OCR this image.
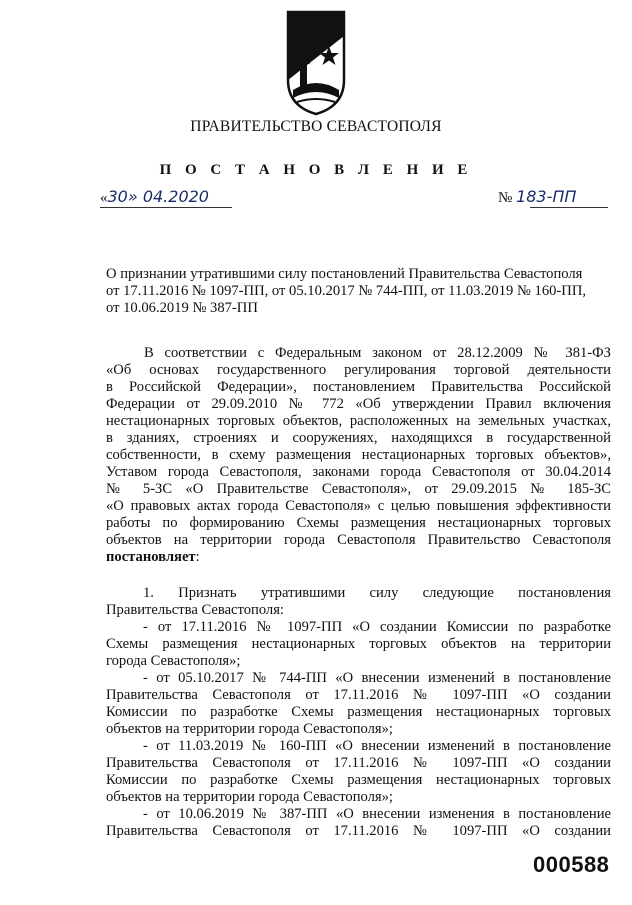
ПРАВИТЕЛЬСТВО СЕВАСТОПОЛЯ
П О С Т А Н О В Л Е Н И Е
«30» 04.2020	№ 183-ПП
О признании утратившими силу постановлений Правительства Севастополя
от 17.11.2016 № 1097-ПП, от 05.10.2017 № 744-ПП, от 11.03.2019 № 160-ПП,
от 10.06.2019 № 387-ПП
В соответствии с Федеральным законом от 28.12.2009 № 381-ФЗ
«Об основах государственного регулирования торговой деятельности
в Российской Федерации», постановлением Правительства Российской
Федерации от 29.09.2010 № 772 «Об утверждении Правил включения
нестационарных торговых объектов, расположенных на земельных участках,
в зданиях, строениях и сооружениях, находящихся в государственной
собственности, в схему размещения нестационарных торговых объектов»,
Уставом города Севастополя, законами города Севастополя от 30.04.2014
№ 5-ЗС «О Правительстве Севастополя», от 29.09.2015 № 185-ЗС
«О правовых актах города Севастополя» с целью повышения эффективности
работы по формированию Схемы размещения нестационарных торговых
объектов на территории города Севастополя Правительство Севастополя
постановляет:
1. Признать утратившими силу следующие постановления
Правительства Севастополя:
- от 17.11.2016 № 1097-ПП «О создании Комиссии по разработке
Схемы размещения нестационарных торговых объектов на территории
города Севастополя»;
- от 05.10.2017 № 744-ПП «О внесении изменений в постановление
Правительства Севастополя от 17.11.2016 № 1097-ПП «О создании
Комиссии по разработке Схемы размещения нестационарных торговых
объектов на территории города Севастополя»;
- от 11.03.2019 № 160-ПП «О внесении изменений в постановление
Правительства Севастополя от 17.11.2016 № 1097-ПП «О создании
Комиссии по разработке Схемы размещения нестационарных торговых
объектов на территории города Севастополя»;
- от 10.06.2019 № 387-ПП «О внесении изменения в постановление
Правительства Севастополя от 17.11.2016 № 1097-ПП «О создании
000588
